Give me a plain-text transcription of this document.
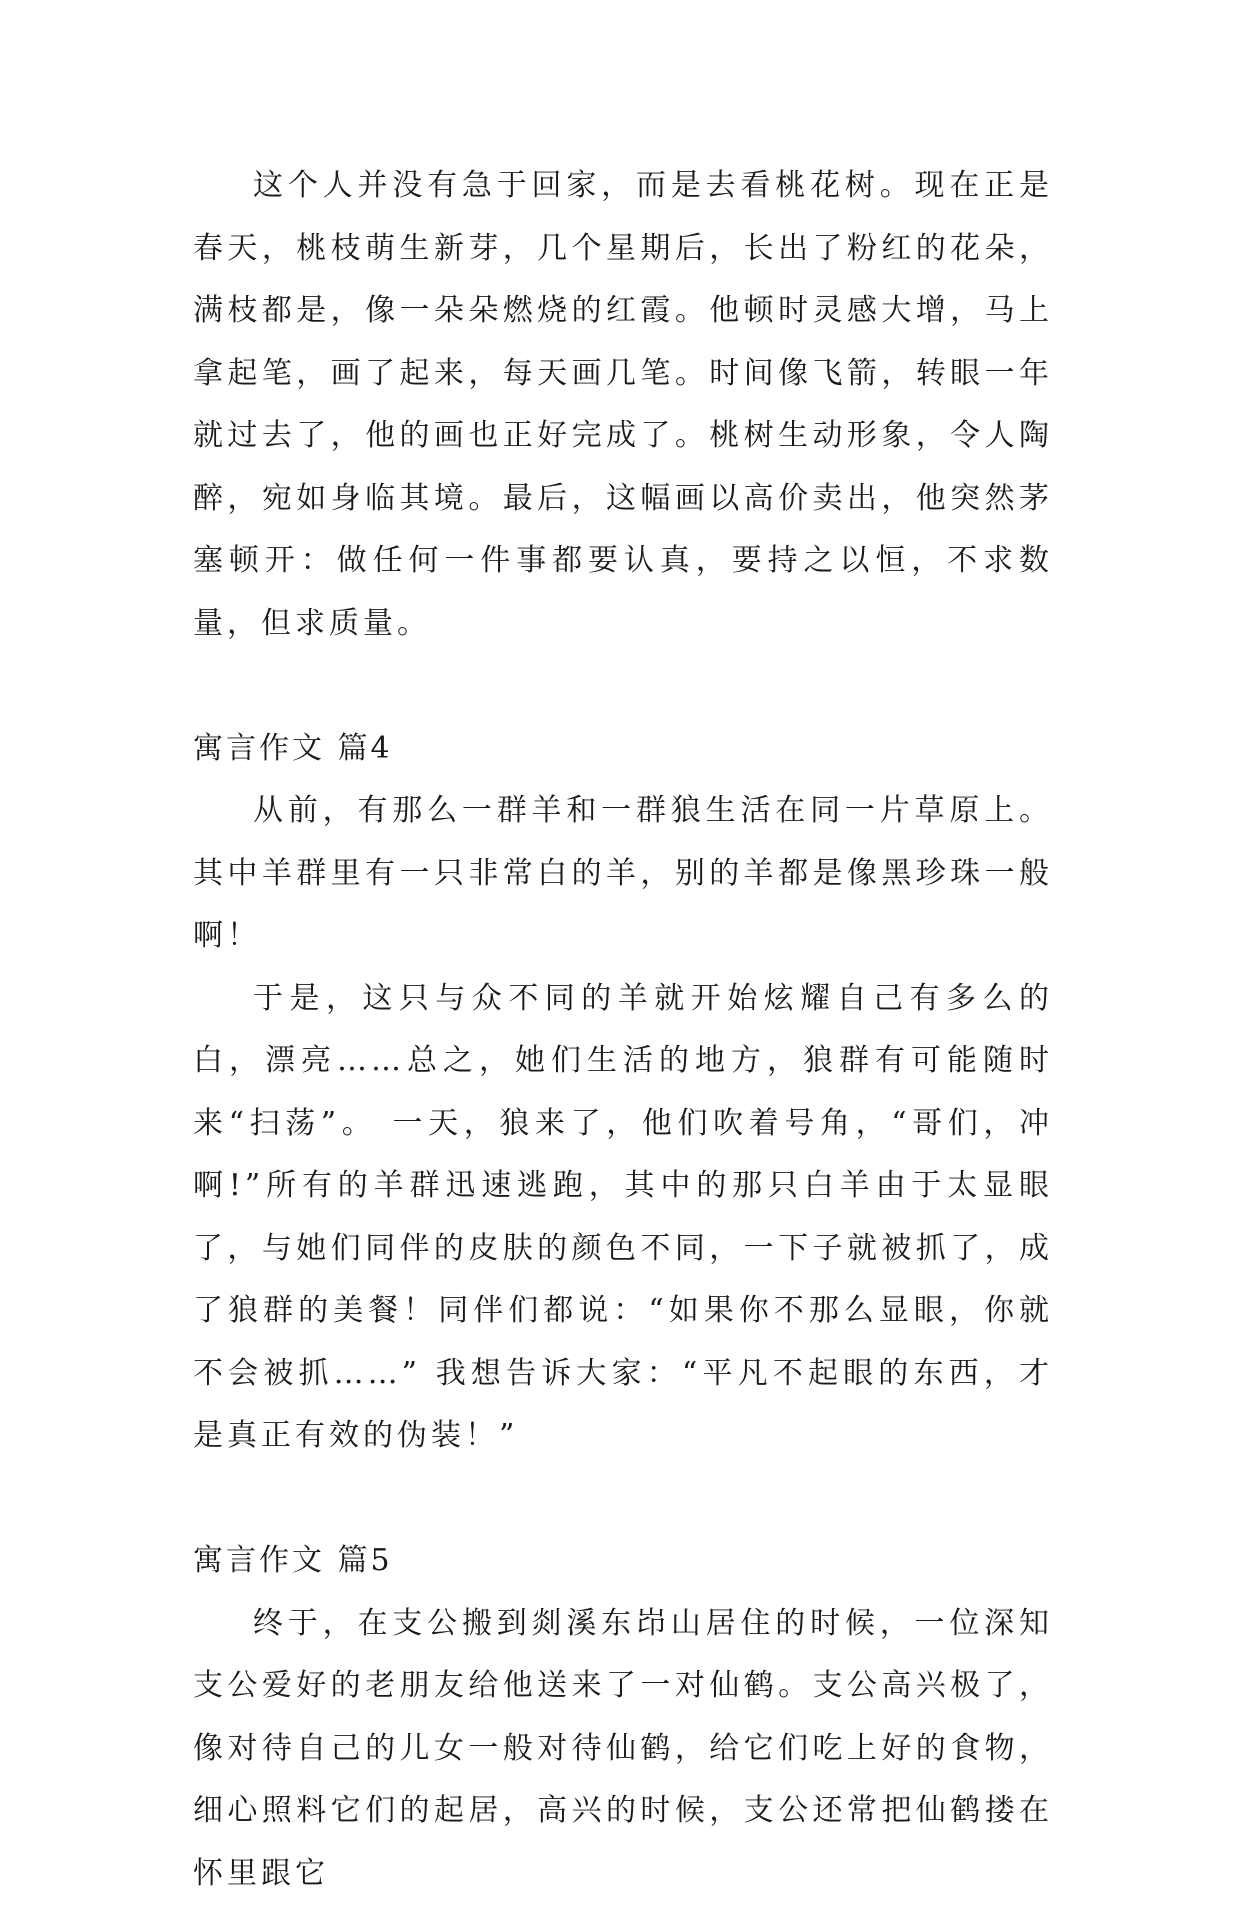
这个人并没有急于回家，而是去看桃花树。现在正是春天，桃枝萌生新芽，几个星期后，长出了粉红的花朵，满枝都是，像一朵朵燃烧的红霞。他顿时灵感大增，马上拿起笔，画了起来，每天画几笔。时间像飞箭，转眼一年就过去了，他的画也正好完成了。桃树生动形象，令人陶醉，宛如身临其境。最后，这幅画以高价卖出，他突然茅塞顿开：做任何一件事都要认真，要持之以恒，不求数量，但求质量。

寓言作文 篇4

从前，有那么一群羊和一群狼生活在同一片草原上。其中羊群里有一只非常白的羊，别的羊都是像黑珍珠一般啊！

于是，这只与众不同的羊就开始炫耀自己有多么的白，漂亮……总之，她们生活的地方，狼群有可能随时来“扫荡”。 一天，狼来了，他们吹着号角，“哥们，冲啊!”所有的羊群迅速逃跑，其中的那只白羊由于太显眼了，与她们同伴的皮肤的颜色不同，一下子就被抓了，成了狼群的美餐！同伴们都说：“如果你不那么显眼，你就不会被抓……” 我想告诉大家：“平凡不起眼的东西，才是真正有效的伪装！”

寓言作文 篇5

终于，在支公搬到剡溪东岇山居住的时候，一位深知支公爱好的老朋友给他送来了一对仙鹤。支公高兴极了，像对待自己的儿女一般对待仙鹤，给它们吃上好的食物，细心照料它们的起居，高兴的时候，支公还常把仙鹤搂在怀里跟它
